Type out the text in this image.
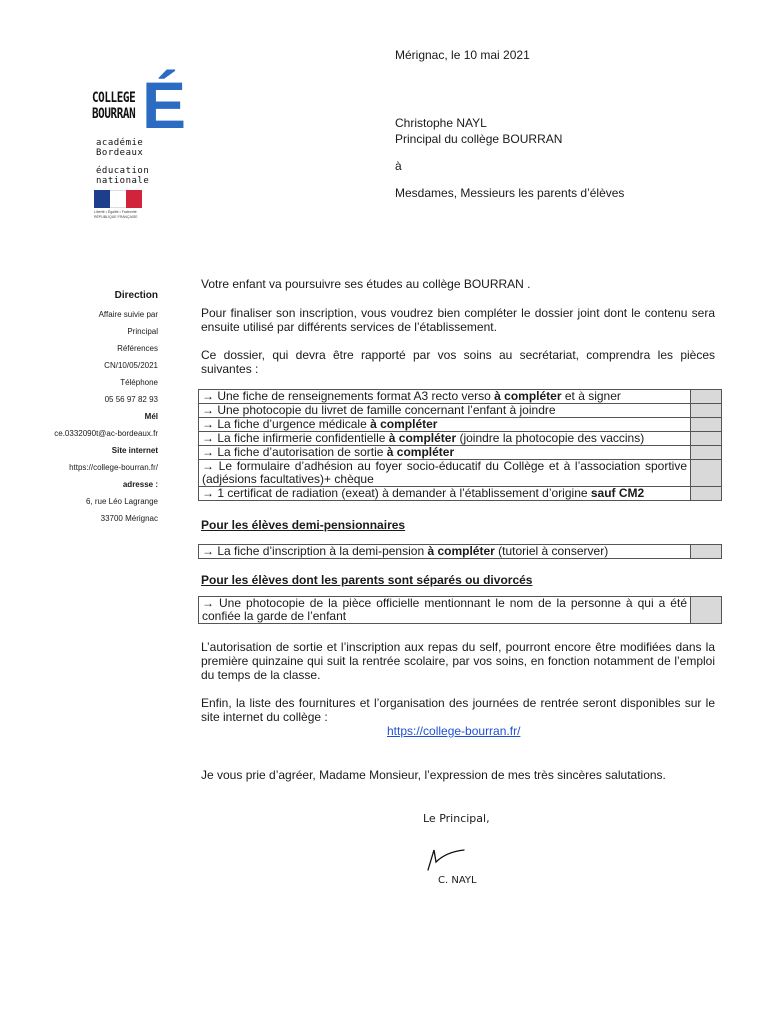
COLLEGE
BOURRAN É
académie
Bordeaux
éducation
nationale
Liberté • Égalité • Fraternité
RÉPUBLIQUE FRANÇAISE
Mérignac, le 10 mai 2021
Christophe NAYL
Principal du collège BOURRAN
à
Mesdames, Messieurs les parents d’élèves
Direction
Affaire suivie par
Principal
Références
CN/10/05/2021
Téléphone
05 56 97 82 93
Mél
ce.0332090t@ac-bordeaux.fr
Site internet
https://college-bourran.fr/
adresse :
6, rue Léo Lagrange
33700 Mérignac
Votre enfant va poursuivre ses études au collège BOURRAN .
Pour finaliser son inscription, vous voudrez bien compléter le dossier joint dont le contenu sera ensuite utilisé par différents services de l’établissement.
Ce dossier, qui devra être rapporté par vos soins au secrétariat, comprendra les pièces suivantes :
→ Une fiche de renseignements format A3 recto verso à compléter et à signer	
→ Une photocopie du livret de famille concernant l’enfant à joindre	
→ La fiche d’urgence médicale à compléter	
→ La fiche infirmerie confidentielle à compléter (joindre la photocopie des vaccins)	
→ La fiche d’autorisation de sortie à compléter	
→ Le formulaire d’adhésion au foyer socio-éducatif du Collège et à l’association sportive (adjésions facultatives)+ chèque	
→ 1 certificat de radiation (exeat) à demander à l’établissement d’origine sauf CM2	
Pour les élèves demi-pensionnaires
→ La fiche d’inscription à la demi-pension à compléter (tutoriel à conserver)	
Pour les élèves dont les parents sont séparés ou divorcés
→ Une photocopie de la pièce officielle mentionnant le nom de la personne à qui a été confiée la garde de l’enfant	
L’autorisation de sortie et l’inscription aux repas du self, pourront encore être modifiées dans la première quinzaine qui suit la rentrée scolaire, par vos soins, en fonction notamment de l’emploi du temps de la classe.
Enfin, la liste des fournitures et l’organisation des journées de rentrée seront disponibles sur le site internet du collège :
https://college-bourran.fr/
Je vous prie d’agréer, Madame Monsieur, l’expression de mes très sincères salutations.
Le Principal,
C. NAYL
